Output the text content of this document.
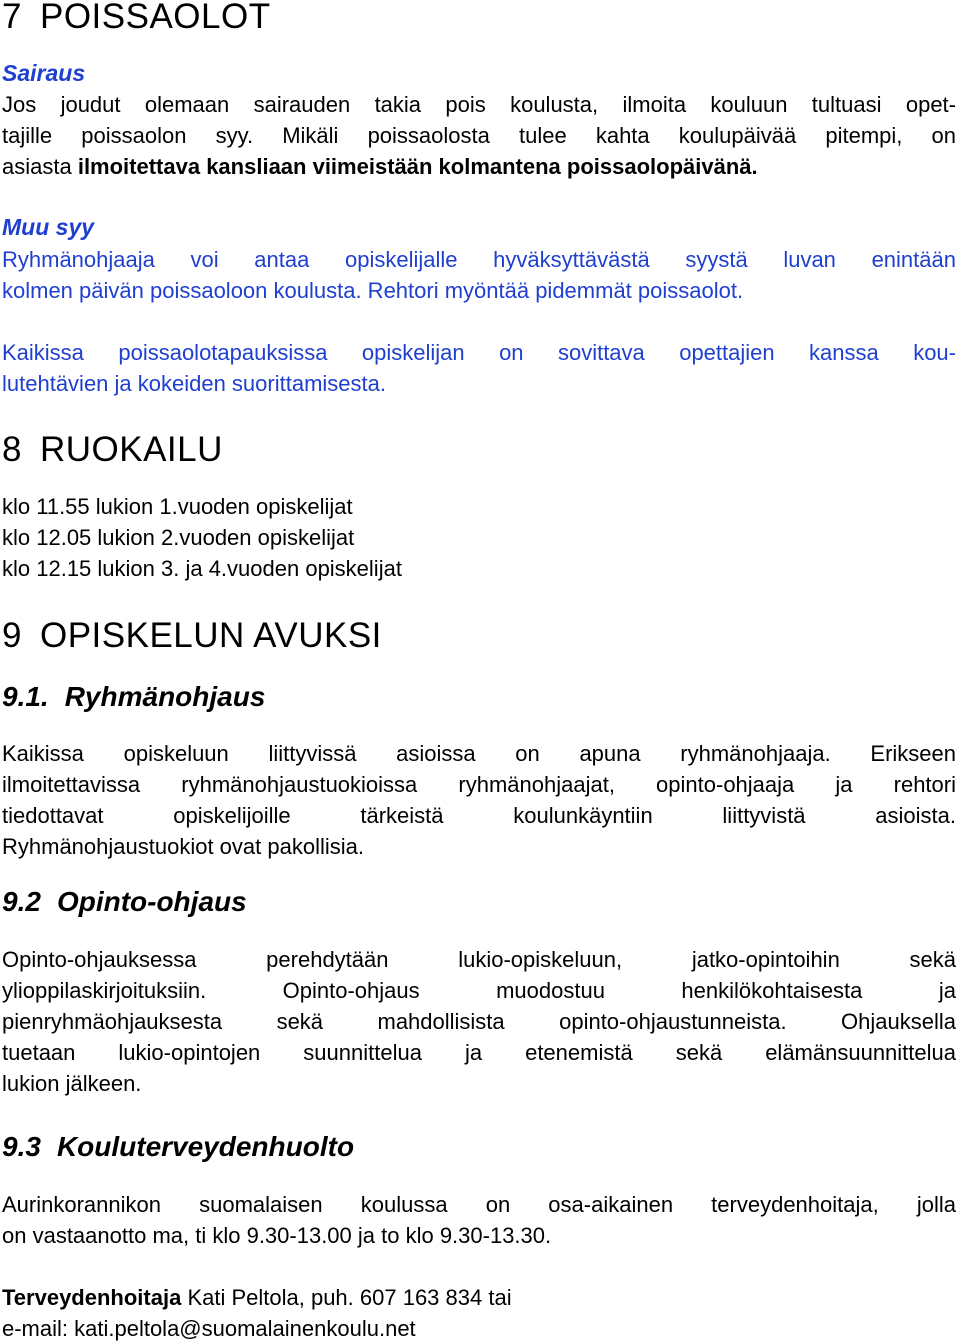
7 POISSAOLOT
Sairaus
Jos joudut olemaan sairauden takia pois koulusta, ilmoita kouluun tultuasi opet-
tajille poissaolon syy. Mikäli poissaolosta tulee kahta koulupäivää pitempi, on
asiasta ilmoitettava kansliaan viimeistään kolmantena poissaolopäivänä.
Muu syy
Ryhmänohjaaja voi antaa opiskelijalle hyväksyttävästä syystä luvan enintään
kolmen päivän poissaoloon koulusta. Rehtori myöntää pidemmät poissaolot.
Kaikissa poissaolotapauksissa opiskelijan on sovittava opettajien kanssa kou-
lutehtävien ja kokeiden suorittamisesta.
8 RUOKAILU
klo 11.55 lukion 1.vuoden opiskelijat
klo 12.05 lukion 2.vuoden opiskelijat
klo 12.15 lukion 3. ja 4.vuoden opiskelijat
9 OPISKELUN AVUKSI
9.1. Ryhmänohjaus
Kaikissa opiskeluun liittyvissä asioissa on apuna ryhmänohjaaja. Erikseen
ilmoitettavissa ryhmänohjaustuokioissa ryhmänohjaajat, opinto-ohjaaja ja rehtori
tiedottavat opiskelijoille tärkeistä koulunkäyntiin liittyvistä asioista.
Ryhmänohjaustuokiot ovat pakollisia.
9.2 Opinto-ohjaus
Opinto-ohjauksessa perehdytään lukio-opiskeluun, jatko-opintoihin sekä
ylioppilaskirjoituksiin. Opinto-ohjaus muodostuu henkilökohtaisesta ja
pienryhmäohjauksesta sekä mahdollisista opinto-ohjaustunneista. Ohjauksella
tuetaan lukio-opintojen suunnittelua ja etenemistä sekä elämänsuunnittelua
lukion jälkeen.
9.3 Kouluterveydenhuolto
Aurinkorannikon suomalaisen koulussa on osa-aikainen terveydenhoitaja, jolla
on vastaanotto ma, ti klo 9.30-13.00 ja to klo 9.30-13.30.
Terveydenhoitaja Kati Peltola, puh. 607 163 834 tai
e-mail: kati.peltola@suomalainenkoulu.net
